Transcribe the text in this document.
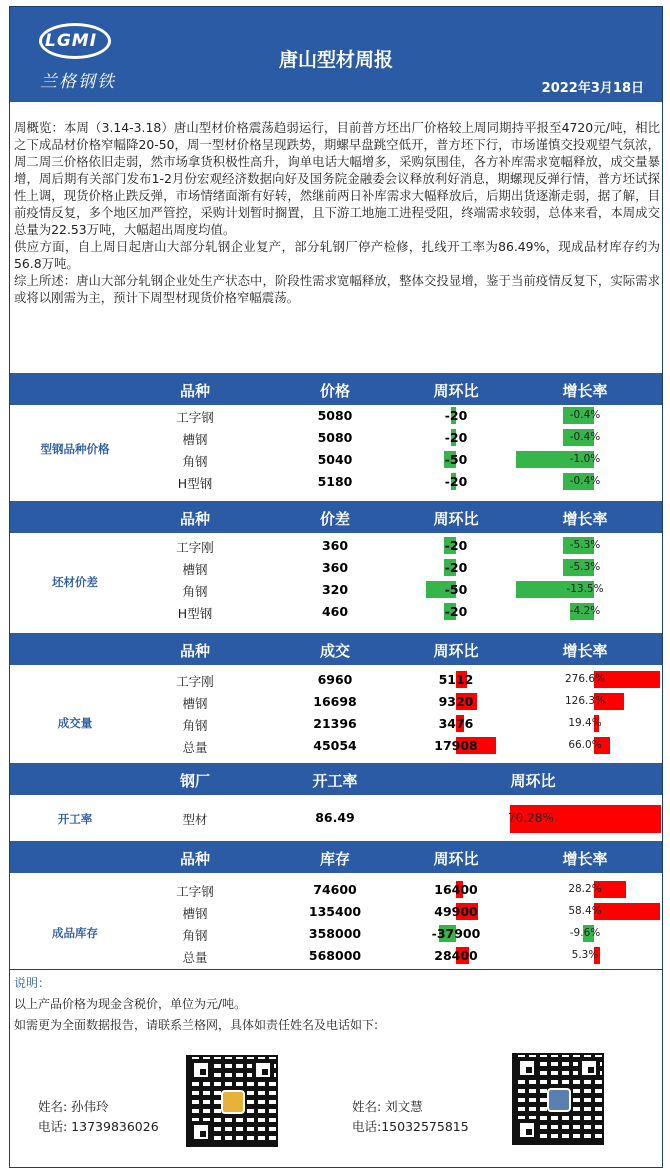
LGMI
兰格钢铁
唐山型材周报
2022年3月18日

周概览：本周（3.14-3.18）唐山型材价格震荡趋弱运行，目前普方坯出厂价格较上周同期持平报至4720元/吨，相比之下成品材价格窄幅降20-50，周一型材价格呈现跌势，期螺早盘跳空低开，普方坯下行，市场谨慎交投观望气氛浓，周二周三价格依旧走弱，然市场拿货积极性高升，询单电话大幅增多，采购氛围佳，各方补库需求宽幅释放，成交量暴增，周后期有关部门发布1-2月份宏观经济数据向好及国务院金融委会议释放利好消息，期螺现反弹行情，普方坯试探性上调，现货价格止跌反弹，市场情绪面渐有好转，然继前两日补库需求大幅释放后，后期出货逐渐走弱，据了解，目前疫情反复，多个地区加严管控，采购计划暂时搁置，且下游工地施工进程受阻，终端需求较弱，总体来看，本周成交总量为22.53万吨，大幅超出周度均值。

供应方面，自上周日起唐山大部分轧钢企业复产，部分轧钢厂停产检修，扎线开工率为86.49%，现成品材库存约为56.8万吨。

综上所述：唐山大部分轧钢企业处生产状态中，阶段性需求宽幅释放，整体交投显增，鉴于当前疫情反复下，实际需求或将以刚需为主，预计下周型材现货价格窄幅震荡。

品种	价格	周环比	增长率
型钢品种价格
工字钢	5080	-20	-0.4%
槽钢	5080	-20	-0.4%
角钢	5040	-50	-1.0%
H型钢	5180	-20	-0.4%
品种	价差	周环比	增长率
坯材价差
工字刚	360	-20	-5.3%
槽钢	360	-20	-5.3%
角钢	320	-50	-13.5%
H型钢	460	-20	-4.2%
品种	成交	周环比	增长率
成交量
工字刚	6960	5112	276.6%
槽钢	16698	9320	126.3%
角钢	21396	3476	19.4%
总量	45054	17908	66.0%
钢厂	开工率	周环比
开工率	型材	86.49	70.28%
品种	库存	周环比	增长率
成品库存
工字钢	74600	16400	28.2%
槽钢	135400	49900	58.4%
角钢	358000	-37900	-9.6%
总量	568000	28400	5.3%
说明：
以上产品价格为现金含税价，单位为元/吨。
如需更为全面数据报告，请联系兰格网，具体如责任姓名及电话如下:
姓名: 孙伟玲
电话: 13739836026
姓名: 刘文慧
电话:15032575815
